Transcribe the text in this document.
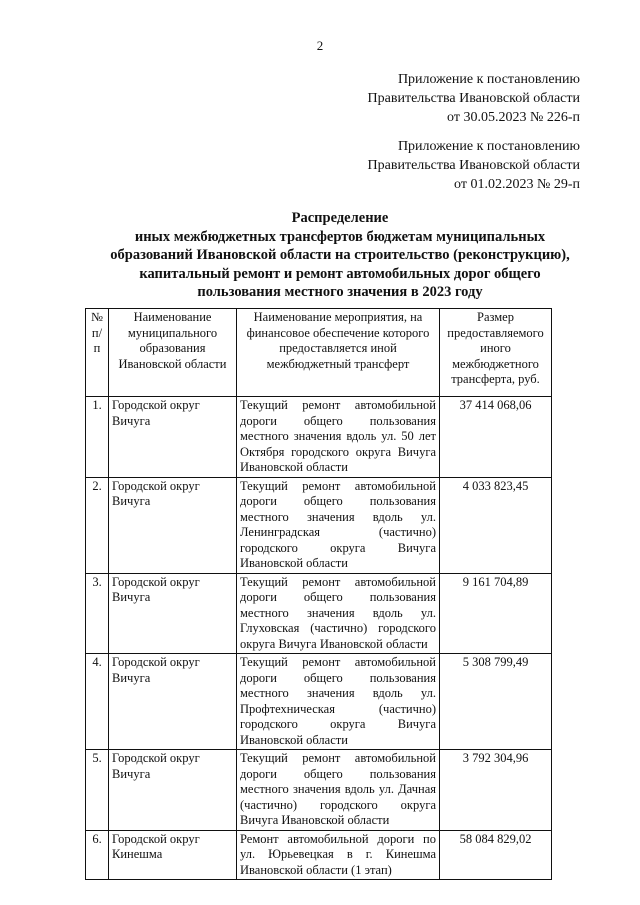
2
Приложение к постановлению
Правительства Ивановской области
от 30.05.2023 № 226-п
Приложение к постановлению
Правительства Ивановской области
от 01.02.2023 № 29-п
Распределение
иных межбюджетных трансфертов бюджетам муниципальных
образований Ивановской области на строительство (реконструкцию),
капитальный ремонт и ремонт автомобильных дорог общего
пользования местного значения в 2023 году
№ п/п	Наименование муниципального образования Ивановской области	Наименование мероприятия, на финансовое обеспечение которого предоставляется иной межбюджетный трансферт	Размер предоставляемого иного межбюджетного трансферта, руб.
1.	Городской округ Вичуга	Текущий ремонт автомобильной дороги общего пользования местного значения вдоль ул. 50 лет Октября городского округа Вичуга Ивановской области	37 414 068,06
2.	Городской округ Вичуга	Текущий ремонт автомобильной дороги общего пользования местного значения вдоль ул. Ленинградская (частично) городского округа Вичуга Ивановской области	4 033 823,45
3.	Городской округ Вичуга	Текущий ремонт автомобильной дороги общего пользования местного значения вдоль ул. Глуховская (частично) городского округа Вичуга Ивановской области	9 161 704,89
4.	Городской округ Вичуга	Текущий ремонт автомобильной дороги общего пользования местного значения вдоль ул. Профтехническая (частично) городского округа Вичуга Ивановской области	5 308 799,49
5.	Городской округ Вичуга	Текущий ремонт автомобильной дороги общего пользования местного значения вдоль ул. Дачная (частично) городского округа Вичуга Ивановской области	3 792 304,96
6.	Городской округ Кинешма	Ремонт автомобильной дороги по ул. Юрьевецкая в г. Кинешма Ивановской области (1 этап)	58 084 829,02
